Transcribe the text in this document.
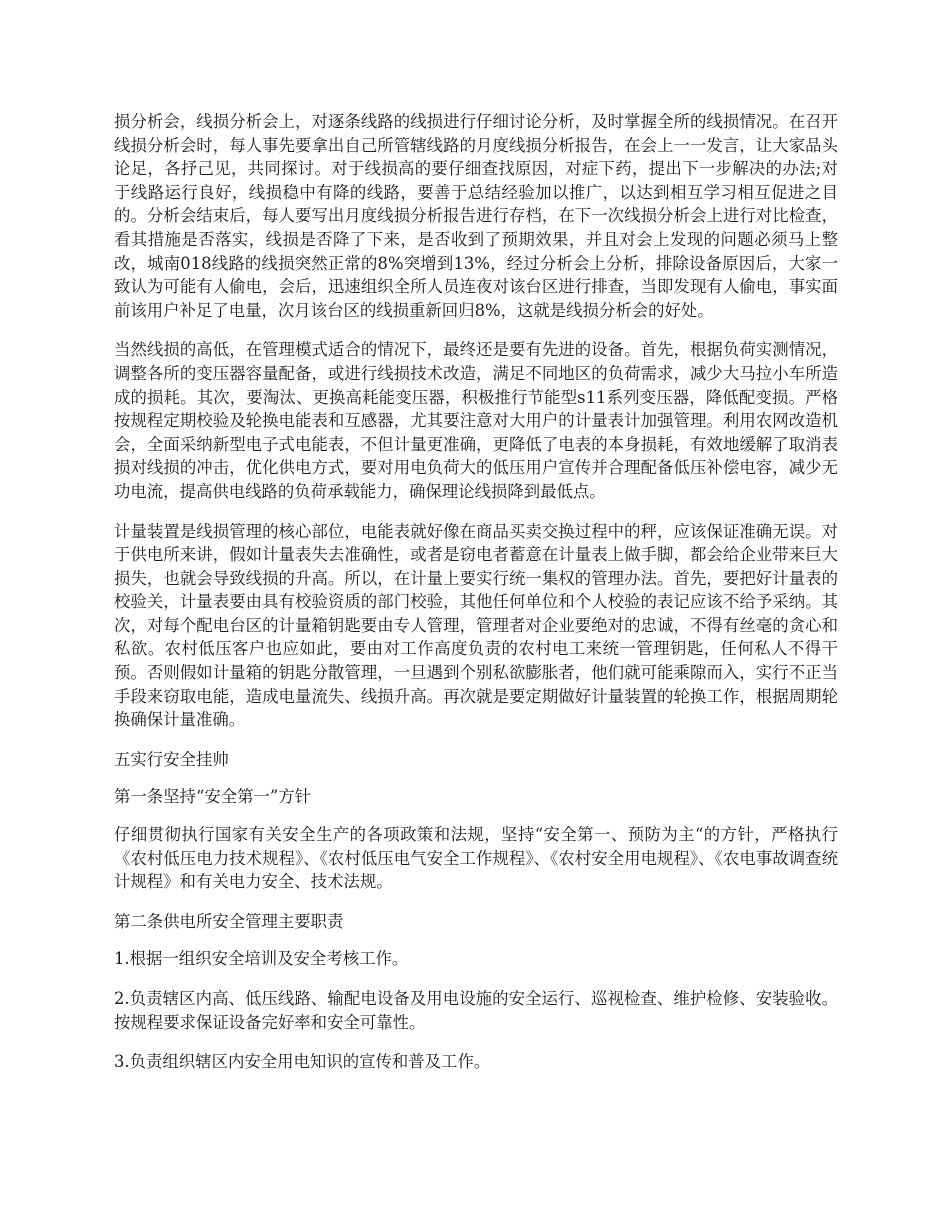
损分析会，线损分析会上，对逐条线路的线损进行仔细讨论分析，及时掌握全所的线损情况。在召开线损分析会时，每人事先要拿出自己所管辖线路的月度线损分析报告，在会上一一发言，让大家品头论足，各抒己见，共同探讨。对于线损高的要仔细查找原因，对症下药，提出下一步解决的办法;对于线路运行良好，线损稳中有降的线路，要善于总结经验加以推广，以达到相互学习相互促进之目的。分析会结束后，每人要写出月度线损分析报告进行存档，在下一次线损分析会上进行对比检查，看其措施是否落实，线损是否降了下来，是否收到了预期效果，并且对会上发现的问题必须马上整改，城南018线路的线损突然正常的8%突增到13%，经过分析会上分析，排除设备原因后，大家一致认为可能有人偷电，会后，迅速组织全所人员连夜对该台区进行排查，当即发现有人偷电，事实面前该用户补足了电量，次月该台区的线损重新回归8%，这就是线损分析会的好处。

当然线损的高低，在管理模式适合的情况下，最终还是要有先进的设备。首先，根据负荷实测情况，调整各所的变压器容量配备，或进行线损技术改造，满足不同地区的负荷需求，减少大马拉小车所造成的损耗。其次，要淘汰、更换高耗能变压器，积极推行节能型s11系列变压器，降低配变损。严格按规程定期校验及轮换电能表和互感器，尤其要注意对大用户的计量表计加强管理。利用农网改造机会，全面采纳新型电子式电能表，不但计量更准确，更降低了电表的本身损耗，有效地缓解了取消表损对线损的冲击，优化供电方式，要对用电负荷大的低压用户宣传并合理配备低压补偿电容，减少无功电流，提高供电线路的负荷承载能力，确保理论线损降到最低点。

计量装置是线损管理的核心部位，电能表就好像在商品买卖交换过程中的秤，应该保证准确无误。对于供电所来讲，假如计量表失去准确性，或者是窃电者蓄意在计量表上做手脚，都会给企业带来巨大损失，也就会导致线损的升高。所以，在计量上要实行统一集权的管理办法。首先，要把好计量表的校验关，计量表要由具有校验资质的部门校验，其他任何单位和个人校验的表记应该不给予采纳。其次，对每个配电台区的计量箱钥匙要由专人管理，管理者对企业要绝对的忠诚，不得有丝毫的贪心和私欲。农村低压客户也应如此，要由对工作高度负责的农村电工来统一管理钥匙，任何私人不得干预。否则假如计量箱的钥匙分散管理，一旦遇到个别私欲膨胀者，他们就可能乘隙而入，实行不正当手段来窃取电能，造成电量流失、线损升高。再次就是要定期做好计量装置的轮换工作，根据周期轮换确保计量准确。

五实行安全挂帅

第一条坚持“安全第一”方针

仔细贯彻执行国家有关安全生产的各项政策和法规，坚持“安全第一、预防为主“的方针，严格执行《农村低压电力技术规程》、《农村低压电气安全工作规程》、《农村安全用电规程》、《农电事故调查统计规程》和有关电力安全、技术法规。

第二条供电所安全管理主要职责

1.根据一组织安全培训及安全考核工作。

2.负责辖区内高、低压线路、输配电设备及用电设施的安全运行、巡视检查、维护检修、安装验收。按规程要求保证设备完好率和安全可靠性。

3.负责组织辖区内安全用电知识的宣传和普及工作。
